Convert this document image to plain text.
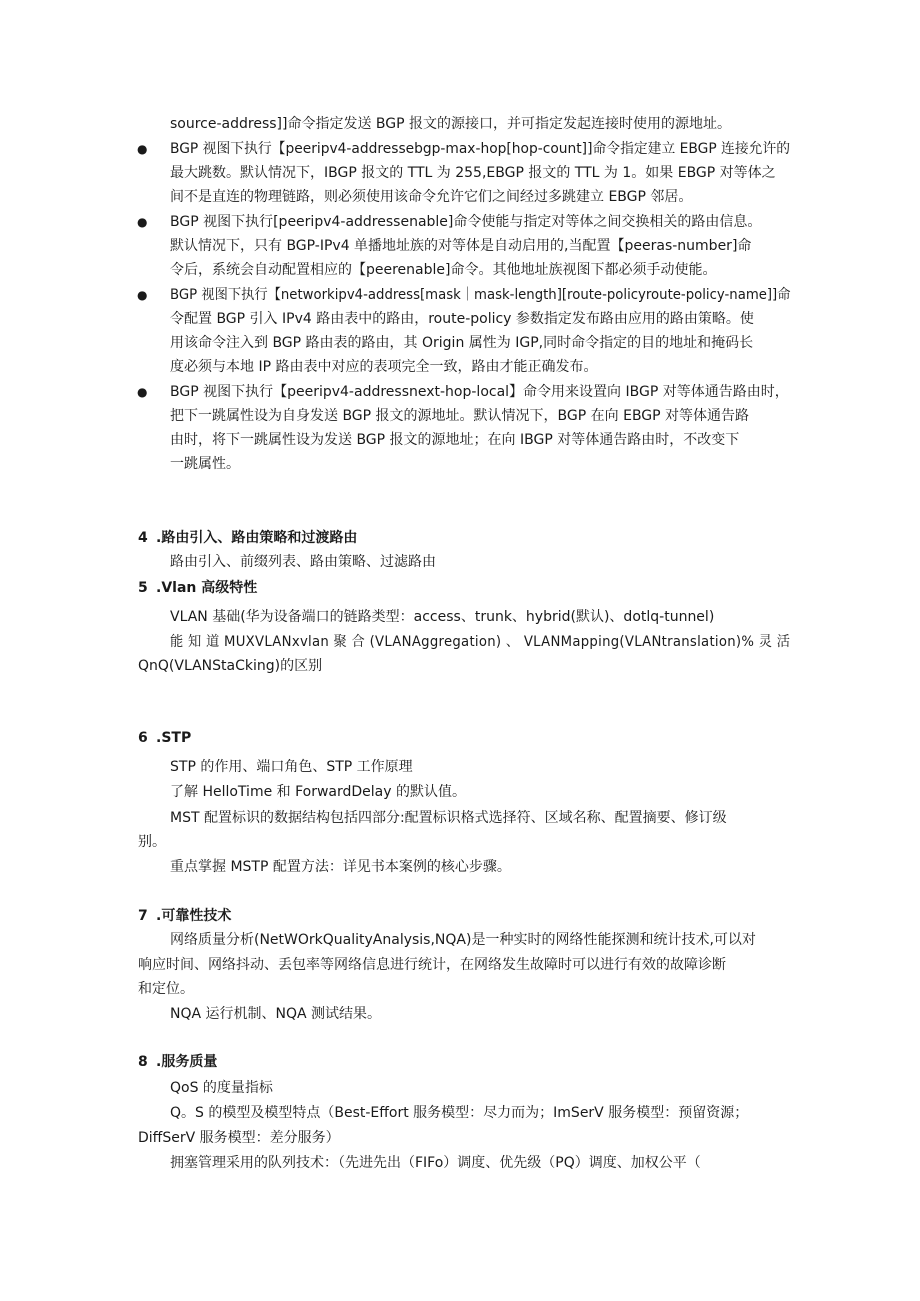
source-address]]命令指定发送 BGP 报文的源接口，并可指定发起连接时使用的源地址。
● BGP 视图下执行【peeripv4-addressebgp-max-hop[hop-count]]命令指定建立 EBGP 连接允许的
最大跳数。默认情况下，IBGP 报文的 TTL 为 255,EBGP 报文的 TTL 为 1。如果 EBGP 对等体之
间不是直连的物理链路，则必须使用该命令允许它们之间经过多跳建立 EBGP 邻居。
● BGP 视图下执行[peeripv4-addressenable]命令使能与指定对等体之间交换相关的路由信息。
默认情况下，只有 BGP-IPv4 单播地址族的对等体是自动启用的,当配置【peeras-number]命
令后，系统会自动配置相应的【peerenable]命令。其他地址族视图下都必须手动使能。
● BGP 视图下执行【networkipv4-address[mask｜mask-length][route-policyroute-policy-name]]命
令配置 BGP 引入 IPv4 路由表中的路由，route-policy 参数指定发布路由应用的路由策略。使
用该命令注入到 BGP 路由表的路由，其 Origin 属性为 IGP,同时命令指定的目的地址和掩码长
度必须与本地 IP 路由表中对应的表项完全一致，路由才能正确发布。
● BGP 视图下执行【peeripv4-addressnext-hop-local】命令用来设置向 IBGP 对等体通告路由时，
把下一跳属性设为自身发送 BGP 报文的源地址。默认情况下，BGP 在向 EBGP 对等体通告路
由时，将下一跳属性设为发送 BGP 报文的源地址；在向 IBGP 对等体通告路由时，不改变下
一跳属性。
4 .路由引入、路由策略和过渡路由
路由引入、前缀列表、路由策略、过滤路由
5 .Vlan 高级特性
VLAN 基础(华为设备端口的链路类型：access、trunk、hybrid(默认)、dotlq-tunnel)
能 知 道 MUXVLANxvlan 聚 合 (VLANAggregation) 、 VLANMapping(VLANtranslation)% 灵 活
QnQ(VLANStaCking)的区别
6 .STP
STP 的作用、端口角色、STP 工作原理
了解 HelloTime 和 ForwardDelay 的默认值。
MST 配置标识的数据结构包括四部分:配置标识格式选择符、区域名称、配置摘要、修订级
别。
重点掌握 MSTP 配置方法：详见书本案例的核心步骤。
7 .可靠性技术
网络质量分析(NetWOrkQualityAnalysis,NQA)是一种实时的网络性能探测和统计技术,可以对
响应时间、网络抖动、丢包率等网络信息进行统计，在网络发生故障时可以进行有效的故障诊断
和定位。
NQA 运行机制、NQA 测试结果。
8 .服务质量
QoS 的度量指标
Q。S 的模型及模型特点（Best-Effort 服务模型：尽力而为；ImSerV 服务模型：预留资源；
DiffSerV 服务模型：差分服务）
拥塞管理采用的队列技术：（先进先出（FIFo）调度、优先级（PQ）调度、加权公平（
